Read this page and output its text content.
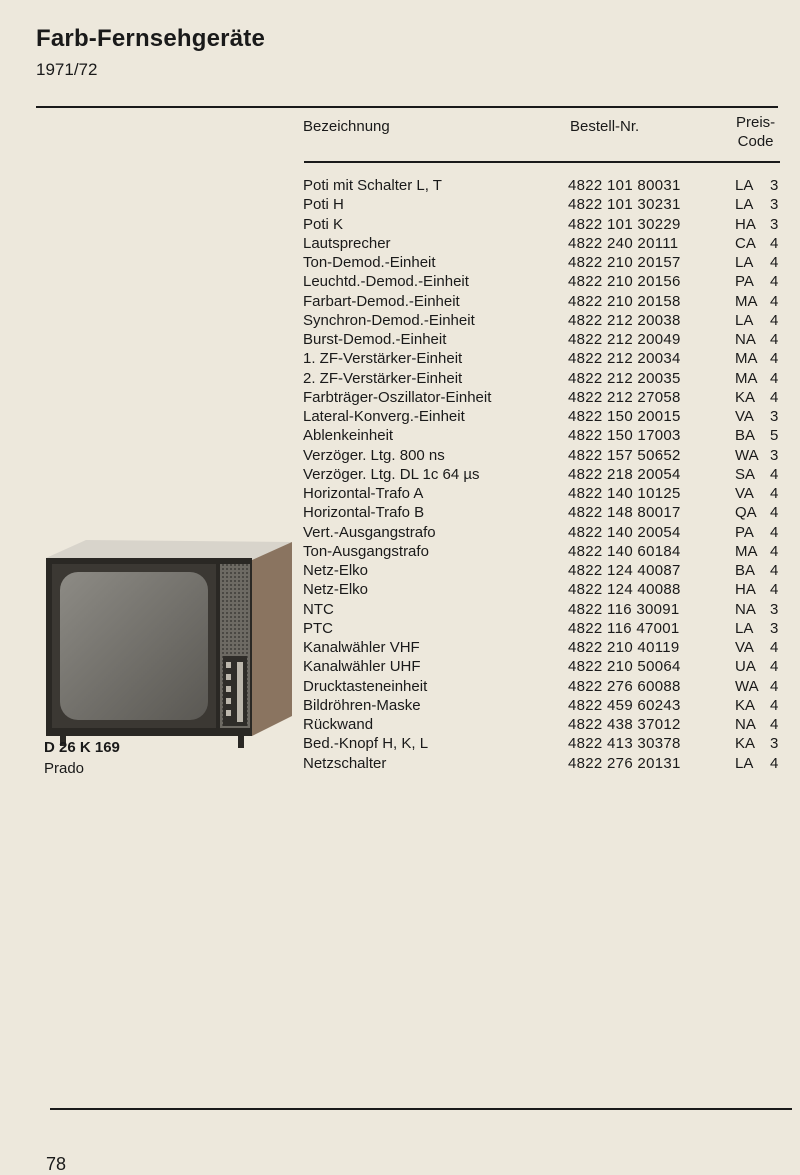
Farb-Fernsehgeräte
1971/72
Bezeichnung	Bestell-Nr.	Preis-
Code
Poti mit Schalter L, T	4822 101 80031	LA 3
Poti H	4822 101 30231	LA 3
Poti K	4822 101 30229	HA 3
Lautsprecher	4822 240 20111	CA 4
Ton-Demod.-Einheit	4822 210 20157	LA 4
Leuchtd.-Demod.-Einheit	4822 210 20156	PA 4
Farbart-Demod.-Einheit	4822 210 20158	MA 4
Synchron-Demod.-Einheit	4822 212 20038	LA 4
Burst-Demod.-Einheit	4822 212 20049	NA 4
1. ZF-Verstärker-Einheit	4822 212 20034	MA 4
2. ZF-Verstärker-Einheit	4822 212 20035	MA 4
Farbträger-Oszillator-Einheit	4822 212 27058	KA 4
Lateral-Konverg.-Einheit	4822 150 20015	VA 3
Ablenkeinheit	4822 150 17003	BA 5
Verzöger. Ltg. 800 ns	4822 157 50652	WA 3
Verzöger. Ltg. DL 1c 64 µs	4822 218 20054	SA 4
Horizontal-Trafo A	4822 140 10125	VA 4
Horizontal-Trafo B	4822 148 80017	QA 4
Vert.-Ausgangstrafo	4822 140 20054	PA 4
Ton-Ausgangstrafo	4822 140 60184	MA 4
Netz-Elko	4822 124 40087	BA 4
Netz-Elko	4822 124 40088	HA 4
NTC	4822 116 30091	NA 3
PTC	4822 116 47001	LA 3
Kanalwähler VHF	4822 210 40119	VA 4
Kanalwähler UHF	4822 210 50064	UA 4
Drucktasteneinheit	4822 276 60088	WA 4
Bildröhren-Maske	4822 459 60243	KA 4
Rückwand	4822 438 37012	NA 4
Bed.-Knopf H, K, L	4822 413 30378	KA 3
Netzschalter	4822 276 20131	LA 4
D 26 K 169
Prado
78
